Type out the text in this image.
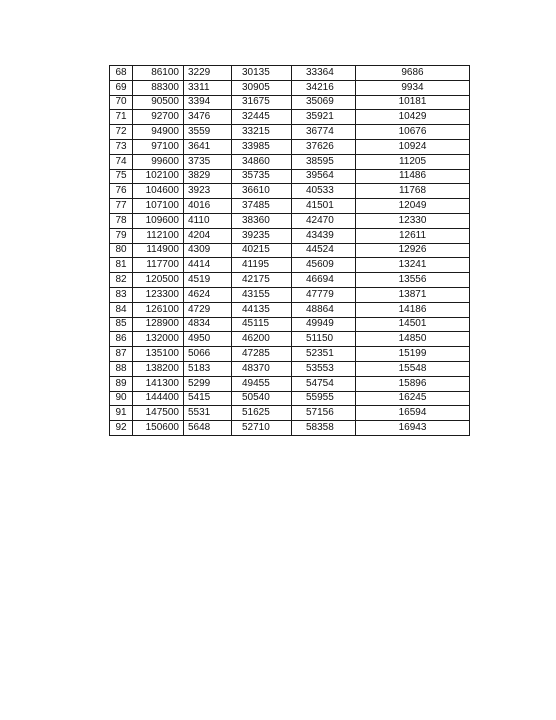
68	86100	3229	30135	33364	9686
69	88300	3311	30905	34216	9934
70	90500	3394	31675	35069	10181
71	92700	3476	32445	35921	10429
72	94900	3559	33215	36774	10676
73	97100	3641	33985	37626	10924
74	99600	3735	34860	38595	11205
75	102100	3829	35735	39564	11486
76	104600	3923	36610	40533	11768
77	107100	4016	37485	41501	12049
78	109600	4110	38360	42470	12330
79	112100	4204	39235	43439	12611
80	114900	4309	40215	44524	12926
81	117700	4414	41195	45609	13241
82	120500	4519	42175	46694	13556
83	123300	4624	43155	47779	13871
84	126100	4729	44135	48864	14186
85	128900	4834	45115	49949	14501
86	132000	4950	46200	51150	14850
87	135100	5066	47285	52351	15199
88	138200	5183	48370	53553	15548
89	141300	5299	49455	54754	15896
90	144400	5415	50540	55955	16245
91	147500	5531	51625	57156	16594
92	150600	5648	52710	58358	16943
